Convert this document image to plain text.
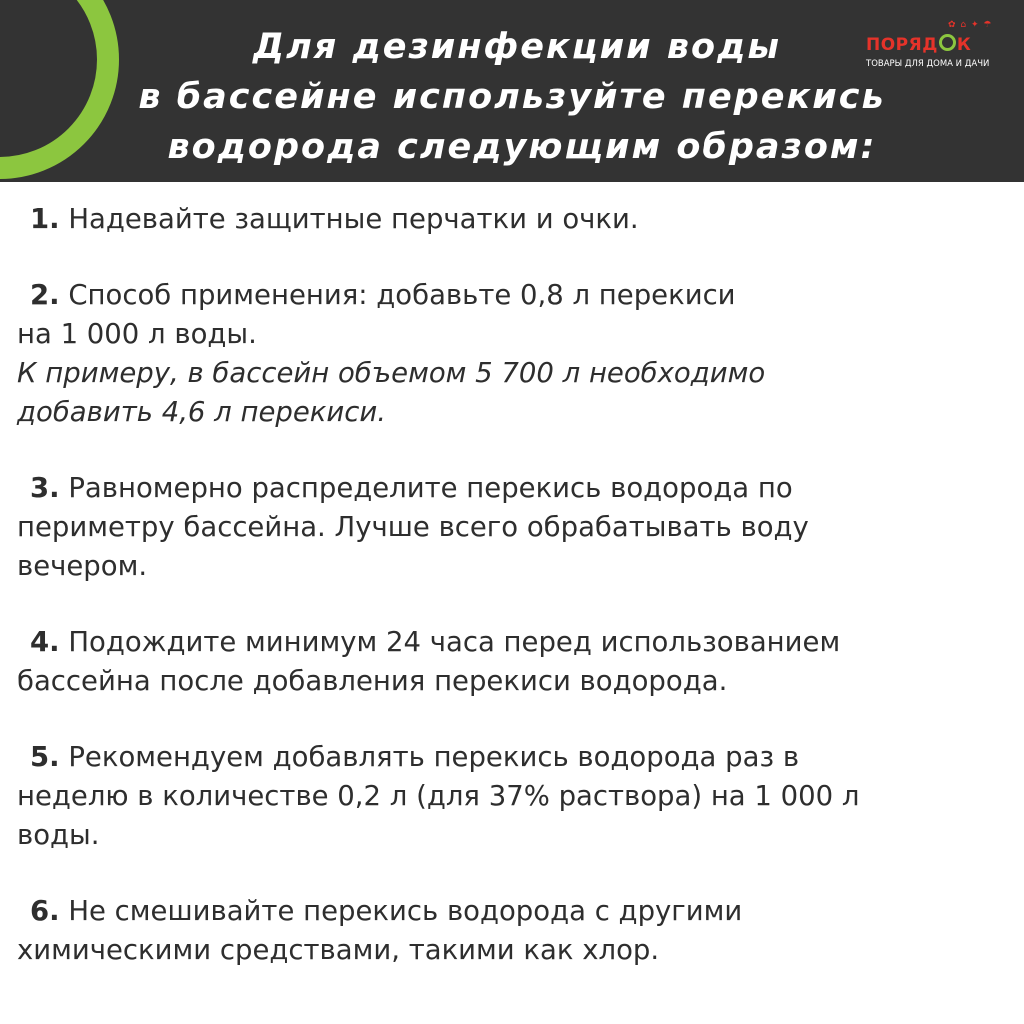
Для дезинфекции воды
в бассейне используйте перекись
водорода следующим образом:
✿ ⌂ ✦ ☂
ПОРЯД К
ТОВАРЫ ДЛЯ ДОМА И ДАЧИ

1. Надевайте защитные перчатки и очки.

2. Способ применения: добавьте 0,8 л перекиси

на 1 000 л воды.

К примеру, в бассейн объемом 5 700 л необходимо

добавить 4,6 л перекиси.

3. Равномерно распределите перекись водорода по

периметру бассейна. Лучше всего обрабатывать воду

вечером.

4. Подождите минимум 24 часа перед использованием

бассейна после добавления перекиси водорода.

5. Рекомендуем добавлять перекись водорода раз в

неделю в количестве 0,2 л (для 37% раствора) на 1 000 л

воды.

6. Не смешивайте перекись водорода с другими

химическими средствами, такими как хлор.
